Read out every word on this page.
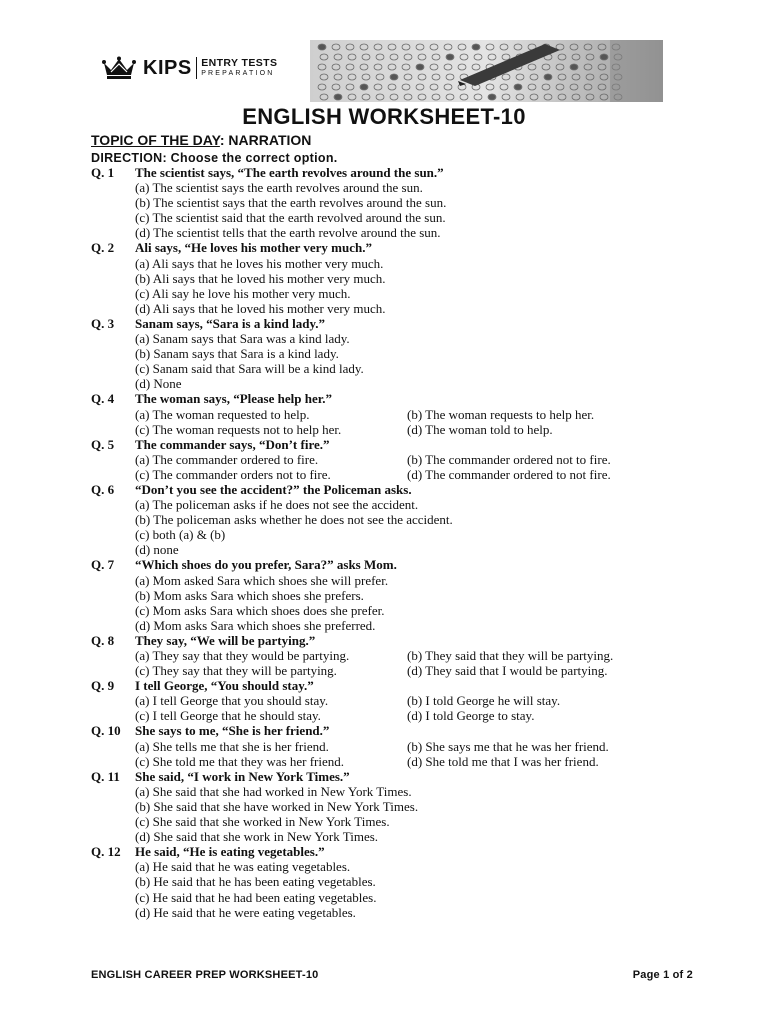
KIPS ENTRY TESTS
PREPARATION
ENGLISH WORKSHEET-10
TOPIC OF THE DAY: NARRATION
DIRECTION: Choose the correct option.
Q. 1 The scientist says, “The earth revolves around the sun.”
(a) The scientist says the earth revolves around the sun.
(b) The scientist says that the earth revolves around the sun.
(c) The scientist said that the earth revolved around the sun.
(d) The scientist tells that the earth revolve around the sun.
Q. 2 Ali says, “He loves his mother very much.”
(a) Ali says that he loves his mother very much.
(b) Ali says that he loved his mother very much.
(c) Ali say he love his mother very much.
(d) Ali says that he loved his mother very much.
Q. 3 Sanam says, “Sara is a kind lady.”
(a) Sanam says that Sara was a kind lady.
(b) Sanam says that Sara is a kind lady.
(c) Sanam said that Sara will be a kind lady.
(d) None
Q. 4 The woman says, “Please help her.”
(a) The woman requested to help.	(b) The woman requests to help her.
(c) The woman requests not to help her.	(d) The woman told to help.
Q. 5 The commander says, “Don’t fire.”
(a) The commander ordered to fire.	(b) The commander ordered not to fire.
(c) The commander orders not to fire.	(d) The commander ordered to not fire.
Q. 6 “Don’t you see the accident?” the Policeman asks.
(a) The policeman asks if he does not see the accident.
(b) The policeman asks whether he does not see the accident.
(c) both (a) & (b)
(d) none
Q. 7 “Which shoes do you prefer, Sara?” asks Mom.
(a) Mom asked Sara which shoes she will prefer.
(b) Mom asks Sara which shoes she prefers.
(c) Mom asks Sara which shoes does she prefer.
(d) Mom asks Sara which shoes she preferred.
Q. 8 They say, “We will be partying.”
(a) They say that they would be partying.	(b) They said that they will be partying.
(c) They say that they will be partying.	(d) They said that I would be partying.
Q. 9 I tell George, “You should stay.”
(a) I tell George that you should stay.	(b) I told George he will stay.
(c) I tell George that he should stay.	(d) I told George to stay.
Q. 10 She says to me, “She is her friend.”
(a) She tells me that she is her friend.	(b) She says me that he was her friend.
(c) She told me that they was her friend.	(d) She told me that I was her friend.
Q. 11 She said, “I work in New York Times.”
(a) She said that she had worked in New York Times.
(b) She said that she have worked in New York Times.
(c) She said that she worked in New York Times.
(d) She said that she work in New York Times.
Q. 12 He said, “He is eating vegetables.”
(a) He said that he was eating vegetables.
(b) He said that he has been eating vegetables.
(c) He said that he had been eating vegetables.
(d) He said that he were eating vegetables.
ENGLISH CAREER PREP WORKSHEET-10	Page 1 of 2
